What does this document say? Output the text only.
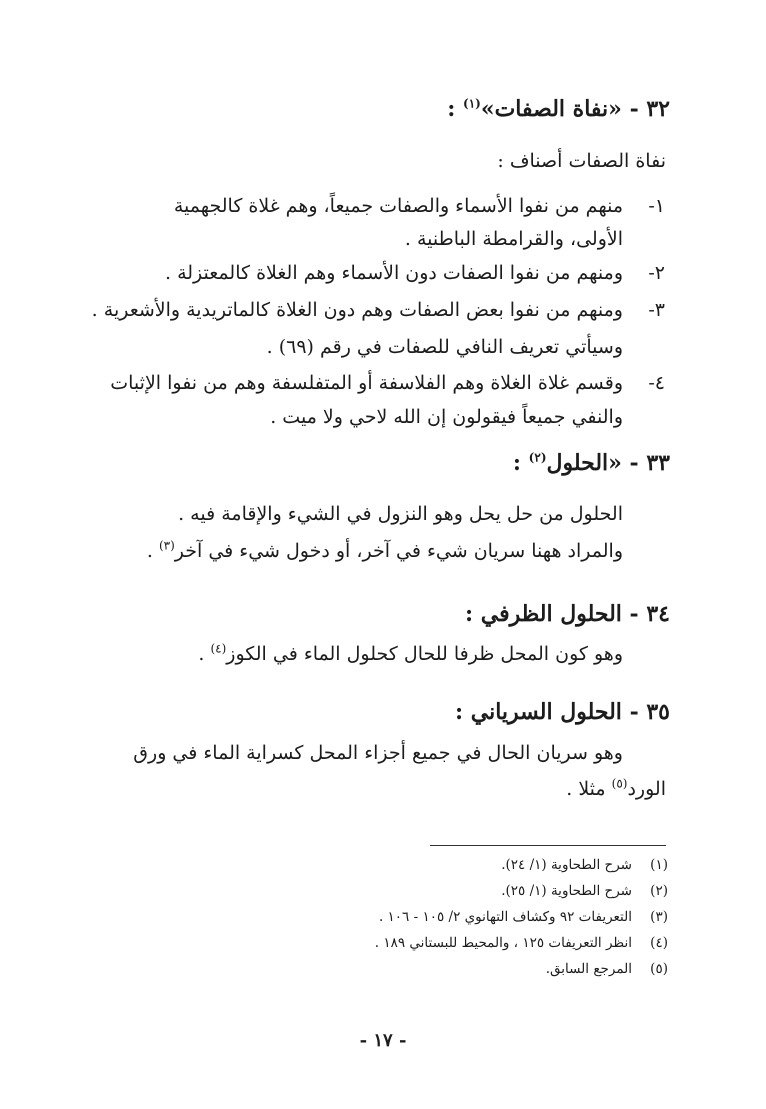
٣٢ - «نفاة الصفات»$^{(١)}$ :
نفاة الصفات أصناف :
١-
منهم من نفوا الأسماء والصفات جميعاً، وهم غلاة كالجهمية
الأولى، والقرامطة الباطنية .
٢-
ومنهم من نفوا الصفات دون الأسماء وهم الغلاة كالمعتزلة .
٣-
ومنهم من نفوا بعض الصفات وهم دون الغلاة كالماتريدية والأشعرية .
وسيأتي تعريف النافي للصفات في رقم (٦٩) .
٤-
وقسم غلاة الغلاة وهم الفلاسفة أو المتفلسفة وهم من نفوا الإثبات
والنفي جميعاً فيقولون إن الله لاحي ولا ميت .
٣٣ - «الحلول$^{(٢)}$ :
الحلول من حل يحل وهو النزول في الشيء والإقامة فيه .
والمراد ههنا سريان شيء في آخر، أو دخول شيء في آخر$^{(٣)}$ .
٣٤ - الحلول الظرفي :
وهو كون المحل ظرفا للحال كحلول الماء في الكوز$^{(٤)}$ .
٣٥ - الحلول السرياني :
وهو سريان الحال في جميع أجزاء المحل كسراية الماء في ورق
الورد$^{(٥)}$ مثلا .
(١)شرح الطحاوية (١/ ٢٤).
(٢)شرح الطحاوية (١/ ٢٥).
(٣)التعريفات ٩٢ وكشاف التهانوي ٢/ ١٠٥ - ١٠٦ .
(٤)انظر التعريفات ١٢٥ ، والمحيط للبستاني ١٨٩ .
(٥)المرجع السابق.
- ١٧ -
